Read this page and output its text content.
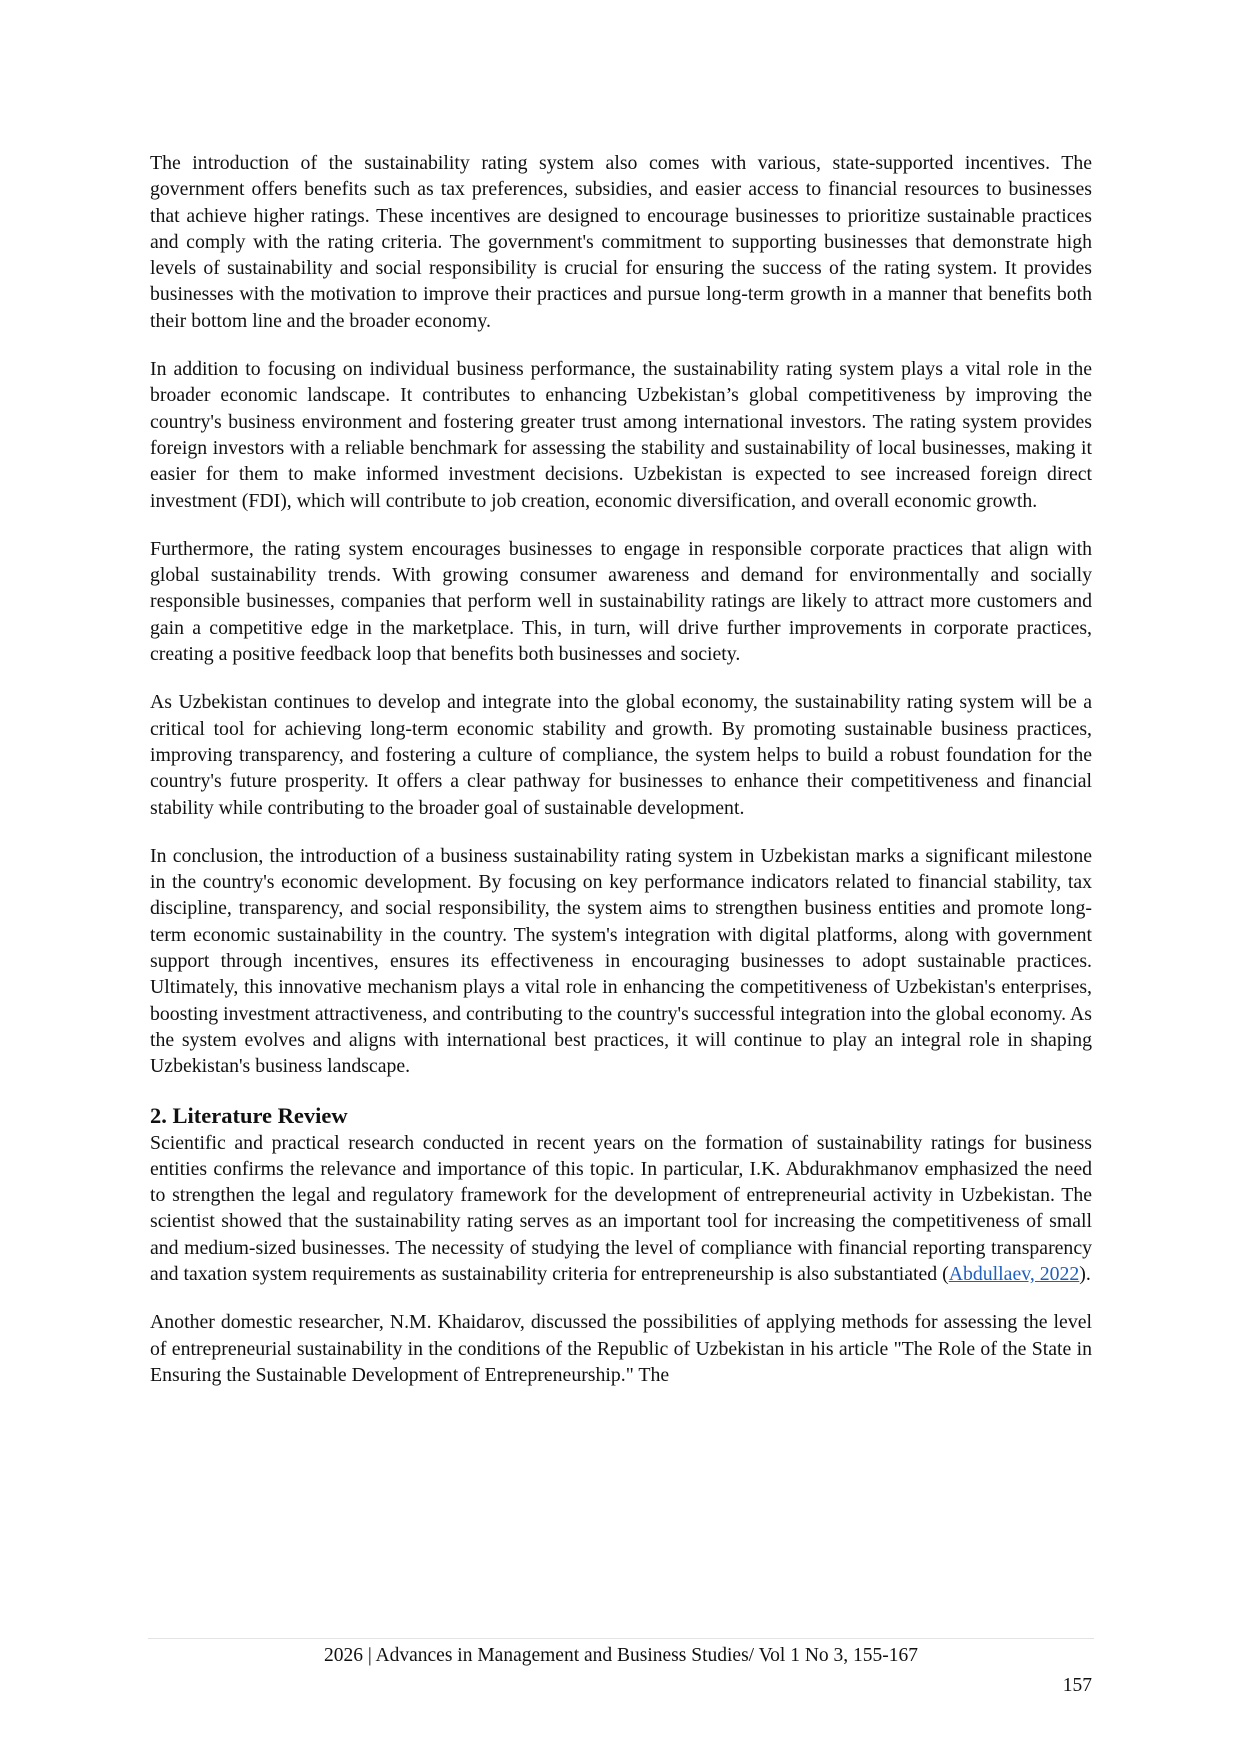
The introduction of the sustainability rating system also comes with various, state-supported incentives. The government offers benefits such as tax preferences, subsidies, and easier access to financial resources to businesses that achieve higher ratings. These incentives are designed to encourage businesses to prioritize sustainable practices and comply with the rating criteria. The government's commitment to supporting businesses that demonstrate high levels of sustainability and social responsibility is crucial for ensuring the success of the rating system. It provides businesses with the motivation to improve their practices and pursue long-term growth in a manner that benefits both their bottom line and the broader economy.

In addition to focusing on individual business performance, the sustainability rating system plays a vital role in the broader economic landscape. It contributes to enhancing Uzbekistan’s global competitiveness by improving the country's business environment and fostering greater trust among international investors. The rating system provides foreign investors with a reliable benchmark for assessing the stability and sustainability of local businesses, making it easier for them to make informed investment decisions. Uzbekistan is expected to see increased foreign direct investment (FDI), which will contribute to job creation, economic diversification, and overall economic growth.

Furthermore, the rating system encourages businesses to engage in responsible corporate practices that align with global sustainability trends. With growing consumer awareness and demand for environmentally and socially responsible businesses, companies that perform well in sustainability ratings are likely to attract more customers and gain a competitive edge in the marketplace. This, in turn, will drive further improvements in corporate practices, creating a positive feedback loop that benefits both businesses and society.

As Uzbekistan continues to develop and integrate into the global economy, the sustainability rating system will be a critical tool for achieving long-term economic stability and growth. By promoting sustainable business practices, improving transparency, and fostering a culture of compliance, the system helps to build a robust foundation for the country's future prosperity. It offers a clear pathway for businesses to enhance their competitiveness and financial stability while contributing to the broader goal of sustainable development.

In conclusion, the introduction of a business sustainability rating system in Uzbekistan marks a significant milestone in the country's economic development. By focusing on key performance indicators related to financial stability, tax discipline, transparency, and social responsibility, the system aims to strengthen business entities and promote long-term economic sustainability in the country. The system's integration with digital platforms, along with government support through incentives, ensures its effectiveness in encouraging businesses to adopt sustainable practices. Ultimately, this innovative mechanism plays a vital role in enhancing the competitiveness of Uzbekistan's enterprises, boosting investment attractiveness, and contributing to the country's successful integration into the global economy. As the system evolves and aligns with international best practices, it will continue to play an integral role in shaping Uzbekistan's business landscape.

2. Literature Review

Scientific and practical research conducted in recent years on the formation of sustainability ratings for business entities confirms the relevance and importance of this topic. In particular, I.K. Abdurakhmanov emphasized the need to strengthen the legal and regulatory framework for the development of entrepreneurial activity in Uzbekistan. The scientist showed that the sustainability rating serves as an important tool for increasing the competitiveness of small and medium-sized businesses. The necessity of studying the level of compliance with financial reporting transparency and taxation system requirements as sustainability criteria for entrepreneurship is also substantiated (Abdullaev, 2022).

Another domestic researcher, N.M. Khaidarov, discussed the possibilities of applying methods for assessing the level of entrepreneurial sustainability in the conditions of the Republic of Uzbekistan in his article "The Role of the State in Ensuring the Sustainable Development of Entrepreneurship." The

2026 | Advances in Management and Business Studies/ Vol 1 No 3, 155-167
157
